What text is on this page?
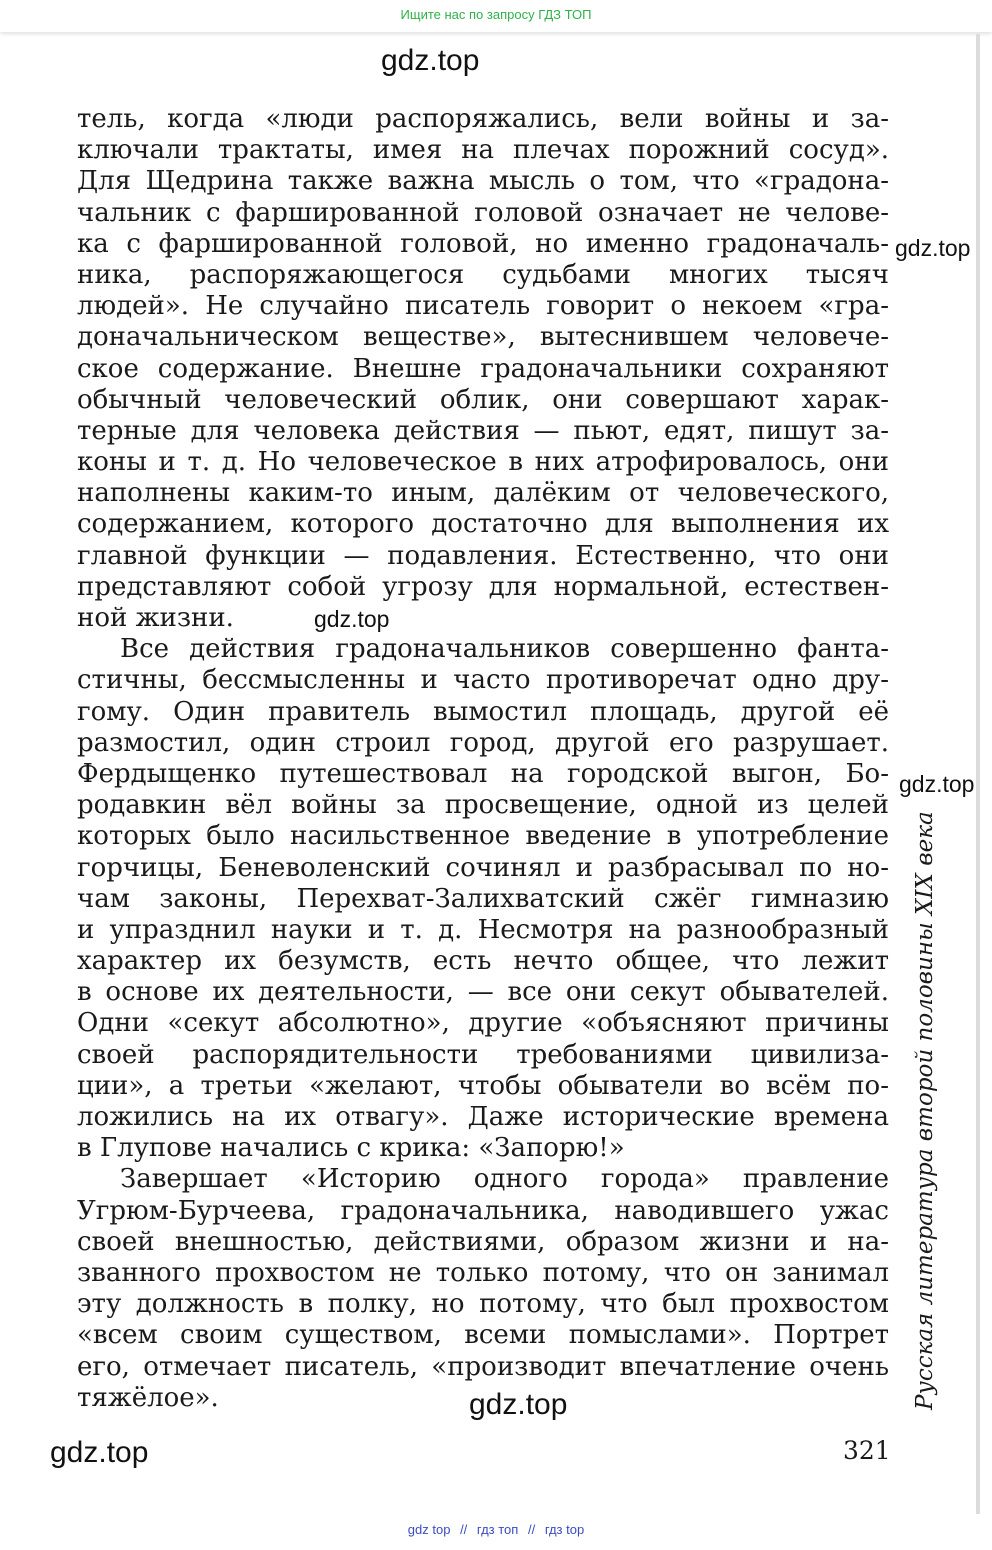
Ищите нас по запросу ГДЗ ТОП
gdz.top
тель, когда «люди распоряжались, вели войны и за-
ключали трактаты, имея на плечах порожний сосуд».
Для Щедрина также важна мысль о том, что «градона-
чальник с фаршированной головой означает не челове-
ка с фаршированной головой, но именно градоначаль-
ника, распоряжающегося судьбами многих тысяч
людей». Не случайно писатель говорит о некоем «гра-
доначальническом веществе», вытеснившем человече-
ское содержание. Внешне градоначальники сохраняют
обычный человеческий облик, они совершают харак-
терные для человека действия — пьют, едят, пишут за-
коны и т. д. Но человеческое в них атрофировалось, они
наполнены каким-то иным, далёким от человеческого,
содержанием, которого достаточно для выполнения их
главной функции — подавления. Естественно, что они
представляют собой угрозу для нормальной, естествен-
ной жизни.
Все действия градоначальников совершенно фанта-
стичны, бессмысленны и часто противоречат одно дру-
гому. Один правитель вымостил площадь, другой её
размостил, один строил город, другой его разрушает.
Фердыщенко путешествовал на городской выгон, Бо-
родавкин вёл войны за просвещение, одной из целей
которых было насильственное введение в употребление
горчицы, Беневоленский сочинял и разбрасывал по но-
чам законы, Перехват-Залихватский сжёг гимназию
и упразднил науки и т. д. Несмотря на разнообразный
характер их безумств, есть нечто общее, что лежит
в основе их деятельности, — все они секут обывателей.
Одни «секут абсолютно», другие «объясняют причины
своей распорядительности требованиями цивилиза-
ции», а третьи «желают, чтобы обыватели во всём по-
ложились на их отвагу». Даже исторические времена
в Глупове начались с крика: «Запорю!»
Завершает «Историю одного города» правление
Угрюм-Бурчеева, градоначальника, наводившего ужас
своей внешностью, действиями, образом жизни и на-
званного прохвостом не только потому, что он занимал
эту должность в полку, но потому, что был прохвостом
«всем своим существом, всеми помыслами». Портрет
его, отмечает писатель, «производит впечатление очень
тяжёлое».
gdz.top
gdz.top
gdz.top
gdz.top
gdz.top
Русская литература второй половины XIX века
321
gdz top // гдз топ // гдз top
